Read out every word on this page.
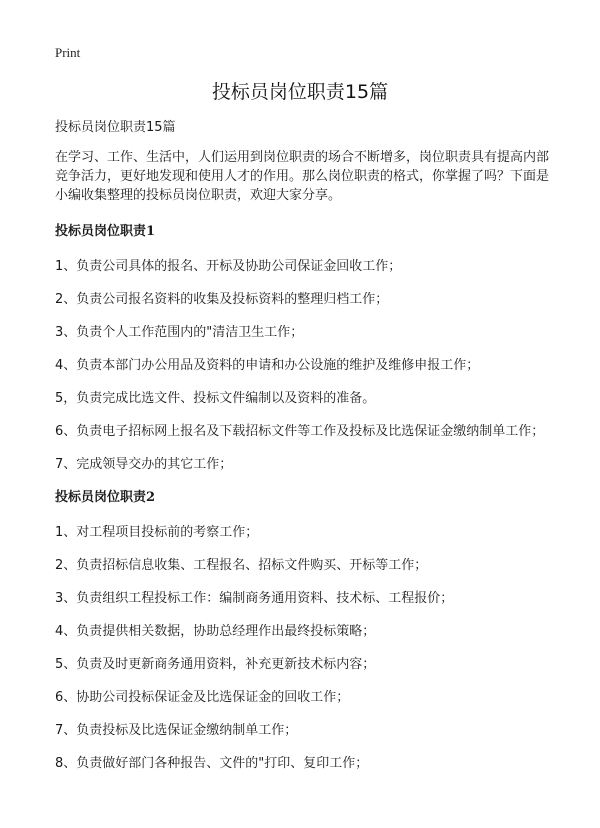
Print
投标员岗位职责15篇

投标员岗位职责15篇

在学习、工作、生活中，人们运用到岗位职责的场合不断增多，岗位职责具有提高内部竞争活力，更好地发现和使用人才的作用。那么岗位职责的格式，你掌握了吗？下面是小编收集整理的投标员岗位职责，欢迎大家分享。

投标员岗位职责1

1、负责公司具体的报名、开标及协助公司保证金回收工作；

2、负责公司报名资料的收集及投标资料的整理归档工作；

3、负责个人工作范围内的"清洁卫生工作；

4、负责本部门办公用品及资料的申请和办公设施的维护及维修申报工作；

5，负责完成比选文件、投标文件编制以及资料的准备。

6、负责电子招标网上报名及下载招标文件等工作及投标及比选保证金缴纳制单工作；

7、完成领导交办的其它工作；

投标员岗位职责2

1、对工程项目投标前的考察工作；

2、负责招标信息收集、工程报名、招标文件购买、开标等工作；

3、负责组织工程投标工作：编制商务通用资料、技术标、工程报价；

4、负责提供相关数据，协助总经理作出最终投标策略；

5、负责及时更新商务通用资料，补充更新技术标内容；

6、协助公司投标保证金及比选保证金的回收工作；

7、负责投标及比选保证金缴纳制单工作；

8、负责做好部门各种报告、文件的"打印、复印工作；
